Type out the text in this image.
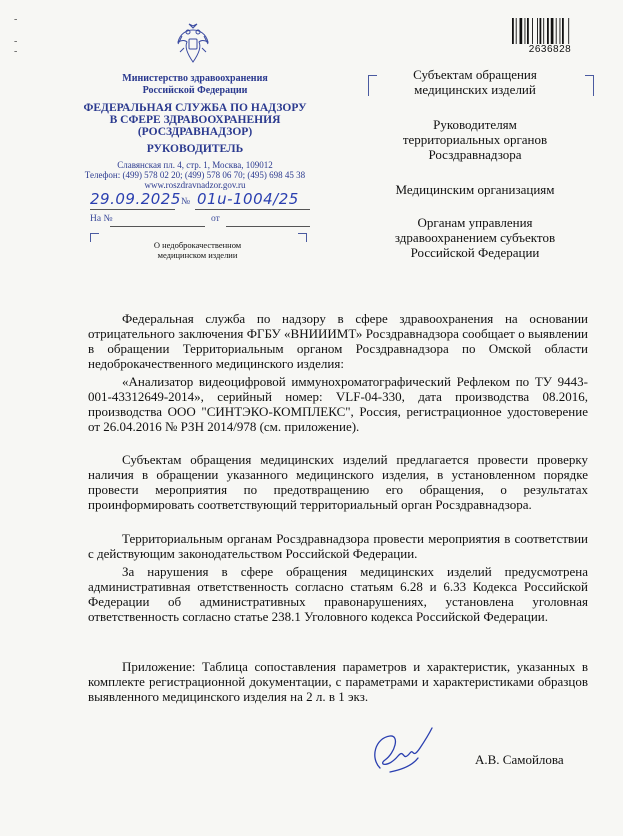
-
-
-	2636828
Министерство здравоохранения
Российской Федерации
ФЕДЕРАЛЬНАЯ СЛУЖБА ПО НАДЗОРУ
В СФЕРЕ ЗДРАВООХРАНЕНИЯ
(РОСЗДРАВНАДЗОР)
РУКОВОДИТЕЛЬ
Славянская пл. 4, стр. 1, Москва, 109012
Телефон: (499) 578 02 20; (499) 578 06 70; (495) 698 45 38
www.roszdravnadzor.gov.ru
29.09.2025 № 01u-1004/25
На №	от
О недоброкачественном
медицинском изделии
Субъектам обращения
медицинских изделий
Руководителям
территориальных органов
Росздравнадзора
Медицинским организациям
Органам управления
здравоохранением субъектов
Российской Федерации
Федеральная служба по надзору в сфере здравоохранения на основании отрицательного заключения ФГБУ «ВНИИИМТ» Росздравнадзора сообщает о выявлении в обращении Территориальным органом Росздравнадзора по Омской области недоброкачественного медицинского изделия:
«Анализатор видеоцифровой иммунохроматографический Рефлеком по ТУ 9443-001-43312649-2014», серийный номер: VLF-04-330, дата производства 08.2016, производства ООО "СИНТЭКО-КОМПЛЕКС", Россия, регистрационное удостоверение от 26.04.2016 № РЗН 2014/978 (см. приложение).
Субъектам обращения медицинских изделий предлагается провести проверку наличия в обращении указанного медицинского изделия, в установленном порядке провести мероприятия по предотвращению его обращения, о результатах проинформировать соответствующий территориальный орган Росздравнадзора.
Территориальным органам Росздравнадзора провести мероприятия в соответствии с действующим законодательством Российской Федерации.
За нарушения в сфере обращения медицинских изделий предусмотрена административная ответственность согласно статьям 6.28 и 6.33 Кодекса Российской Федерации об административных правонарушениях, установлена уголовная ответственность согласно статье 238.1 Уголовного кодекса Российской Федерации.
Приложение: Таблица сопоставления параметров и характеристик, указанных в комплекте регистрационной документации, с параметрами и характеристиками образцов выявленного медицинского изделия на 2 л. в 1 экз.
А.В. Самойлова
